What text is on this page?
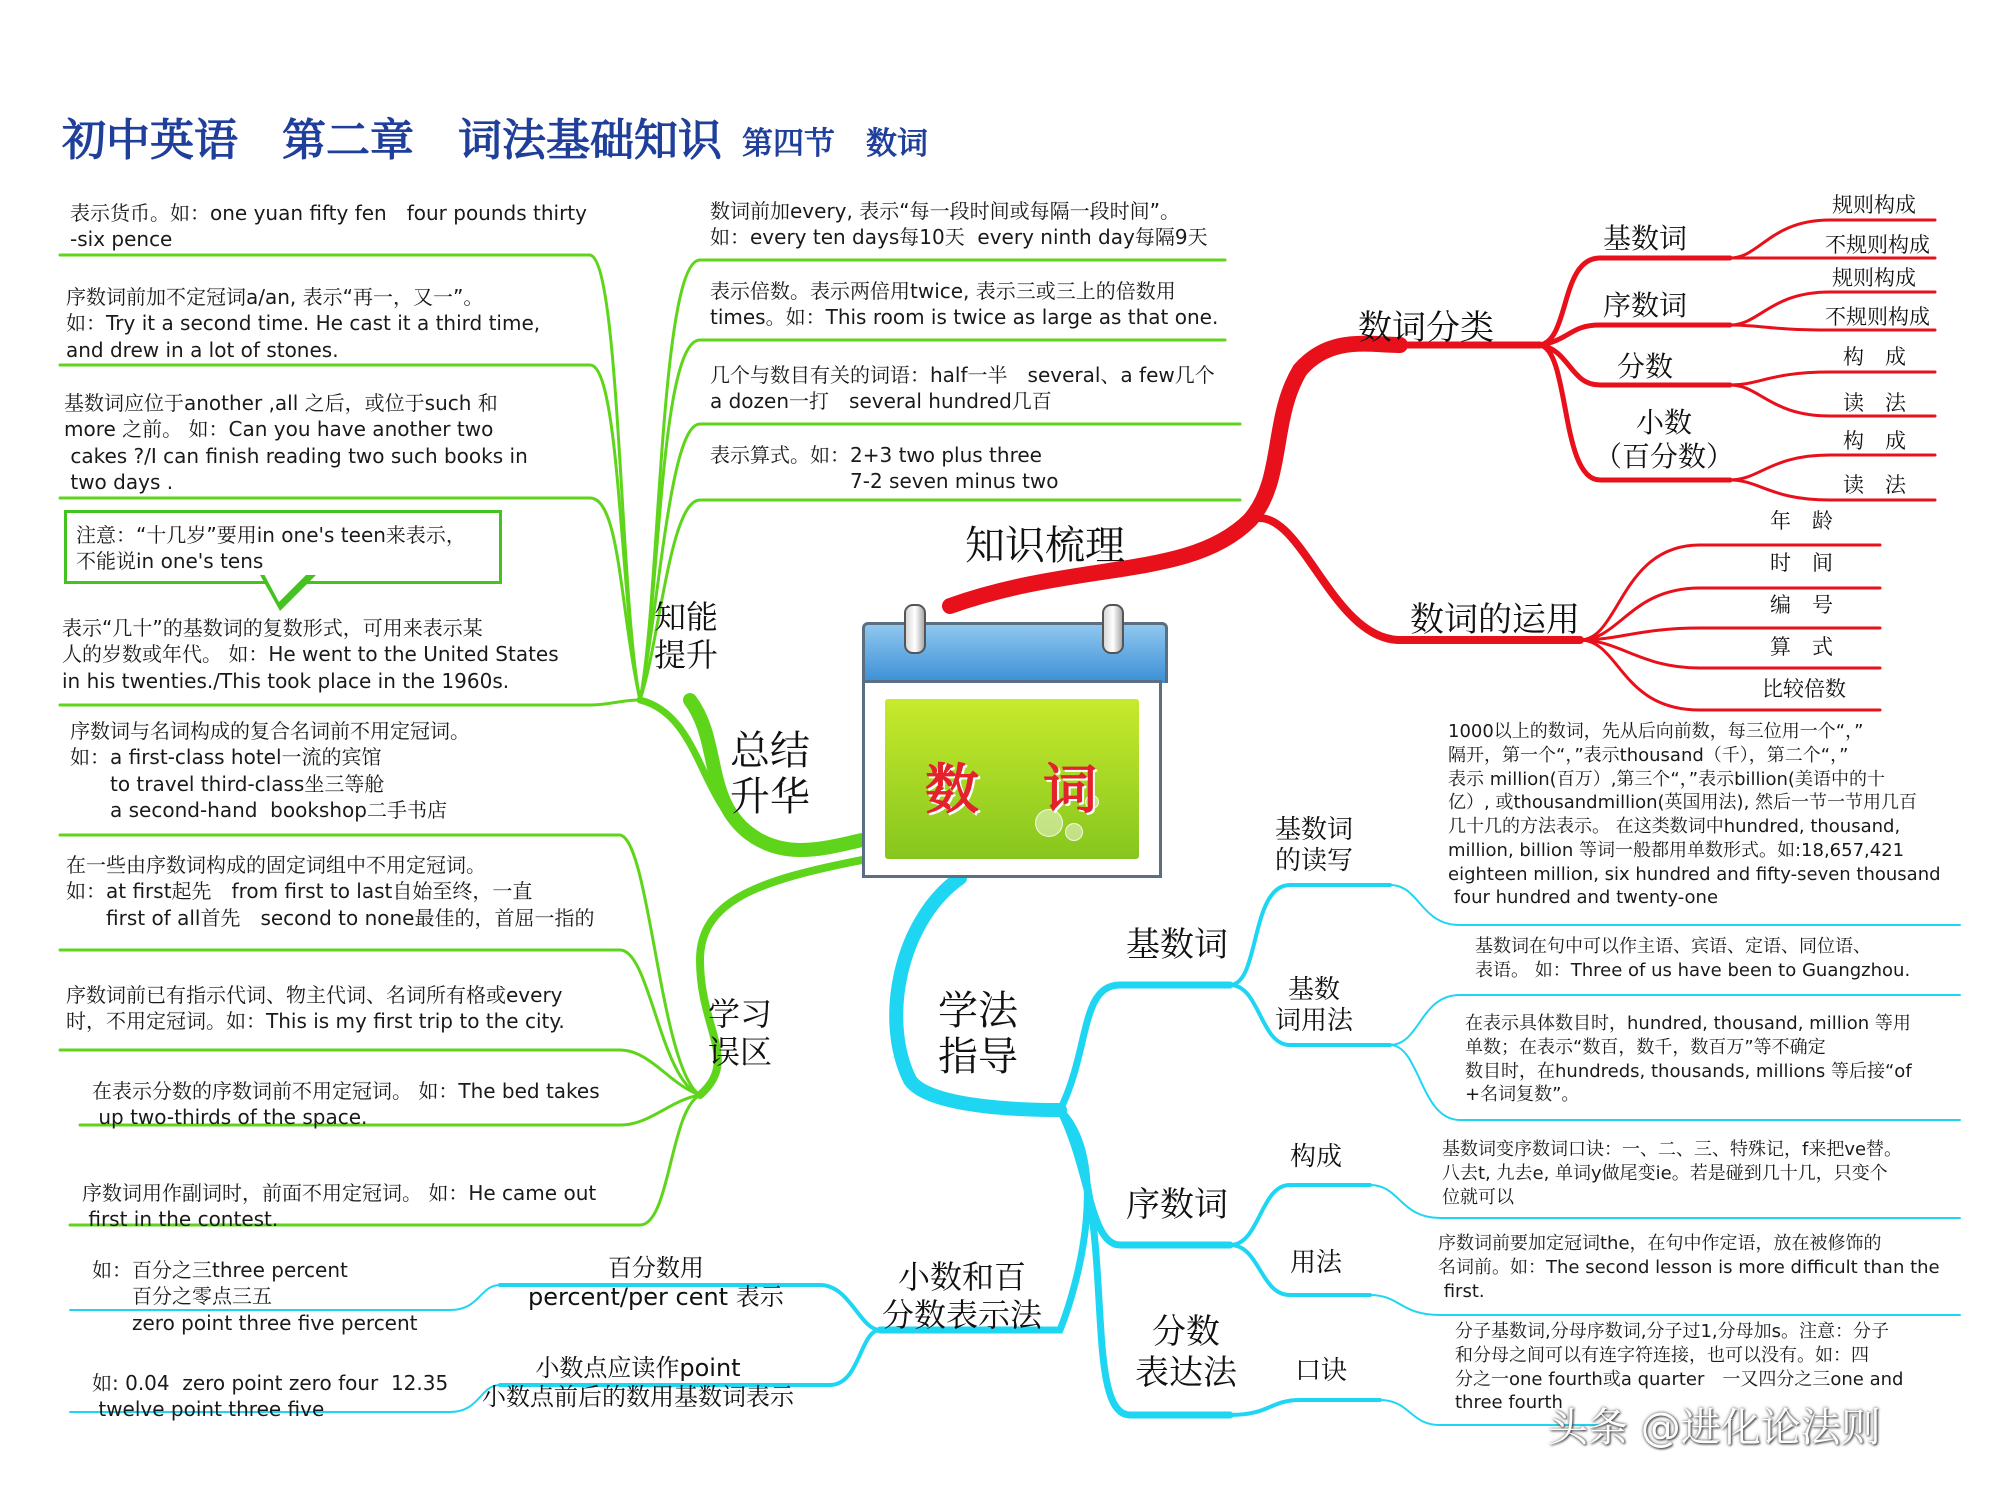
初中英语　第二章　词法基础知识 第四节　数词
数 词
知识梳理
数词分类
基数词
规则构成
不规则构成
序数词
规则构成
不规则构成
分数	构　成
读　法
小数
（百分数）	构　成
读　法
数词的运用
年　龄
时　间
编　号
算　式
比较倍数
总结
升华
知能
提升
表示货币。如：one yuan fifty fen　four pounds thirty
-six pence
序数词前加不定冠词a/an, 表示“再一，又一”。
如：Try it a second time. He cast it a third time,
and drew in a lot of stones.
基数词应位于another ,all 之后，或位于such 和
more 之前。 如：Can you have another two
cakes ?/I can finish reading two such books in
two days .
注意：“十几岁”要用in one's teen来表示，
不能说in one's tens
表示“几十”的基数词的复数形式，可用来表示某
人的岁数或年代。 如：He went to the United States
in his twenties./This took place in the 1960s.
数词前加every, 表示“每一段时间或每隔一段时间”。
如：every ten days每10天  every ninth day每隔9天
表示倍数。表示两倍用twice, 表示三或三上的倍数用
times。如：This room is twice as large as that one.
几个与数目有关的词语：half一半　several、a few几个
a dozen一打　several hundred几百
表示算式。如：2+3 two plus three
　　　　　　　7-2 seven minus two
学习
误区
序数词与名词构成的复合名词前不用定冠词。
如：a first-class hotel一流的宾馆
　　to travel third-class坐三等舱
　　a second-hand  bookshop二手书店
在一些由序数词构成的固定词组中不用定冠词。
如：at first起先　from first to last自始至终，一直
　　first of all首先　second to none最佳的，首屈一指的
序数词前已有指示代词、物主代词、名词所有格或every
时，不用定冠词。如：This is my first trip to the city.
在表示分数的序数词前不用定冠词。 如：The bed takes
up two-thirds of the space.
序数词用作副词时，前面不用定冠词。 如：He came out
first in the contest.
学法
指导
基数词
基数词
的读写
1000以上的数词，先从后向前数，每三位用一个“，”
隔开，第一个“，”表示thousand（千），第二个“，”
表示 million(百万）,第三个“，”表示billion(美语中的十
亿）, 或thousandmillion(英国用法), 然后一节一节用几百
几十几的方法表示。 在这类数词中hundred, thousand,
million, billion 等词一般都用单数形式。如:18,657,421
eighteen million, six hundred and fifty-seven thousand
four hundred and twenty-one
基数
词用法
基数词在句中可以作主语、宾语、定语、同位语、
表语。 如：Three of us have been to Guangzhou.
在表示具体数目时，hundred, thousand, million 等用
单数；在表示“数百，数千，数百万”等不确定
数目时，在hundreds, thousands, millions 等后接“of
+名词复数”。
序数词
构成	基数词变序数词口诀：一、二、三、特殊记，f来把ve替。
八去t, 九去e, 单词y做尾变ie。若是碰到几十几，只变个
位就可以
用法
序数词前要加定冠词the，在句中作定语，放在被修饰的
名词前。如：The second lesson is more difficult than the
first.
分数
表达法 口诀
分子基数词,分母序数词,分子过1,分母加s。注意：分子
和分母之间可以有连字符连接，也可以没有。如：四
分之一one fourth或a quarter　一又四分之三one and
three fourth
小数和百
分数表示法
百分数用
percent/per cent 表示
如：百分之三three percent
　　百分之零点三五
　　zero point three five percent
小数点应读作point
小数点前后的数用基数词表示
如: 0.04  zero point zero four  12.35
twelve point three five	头条 @进化论法则
